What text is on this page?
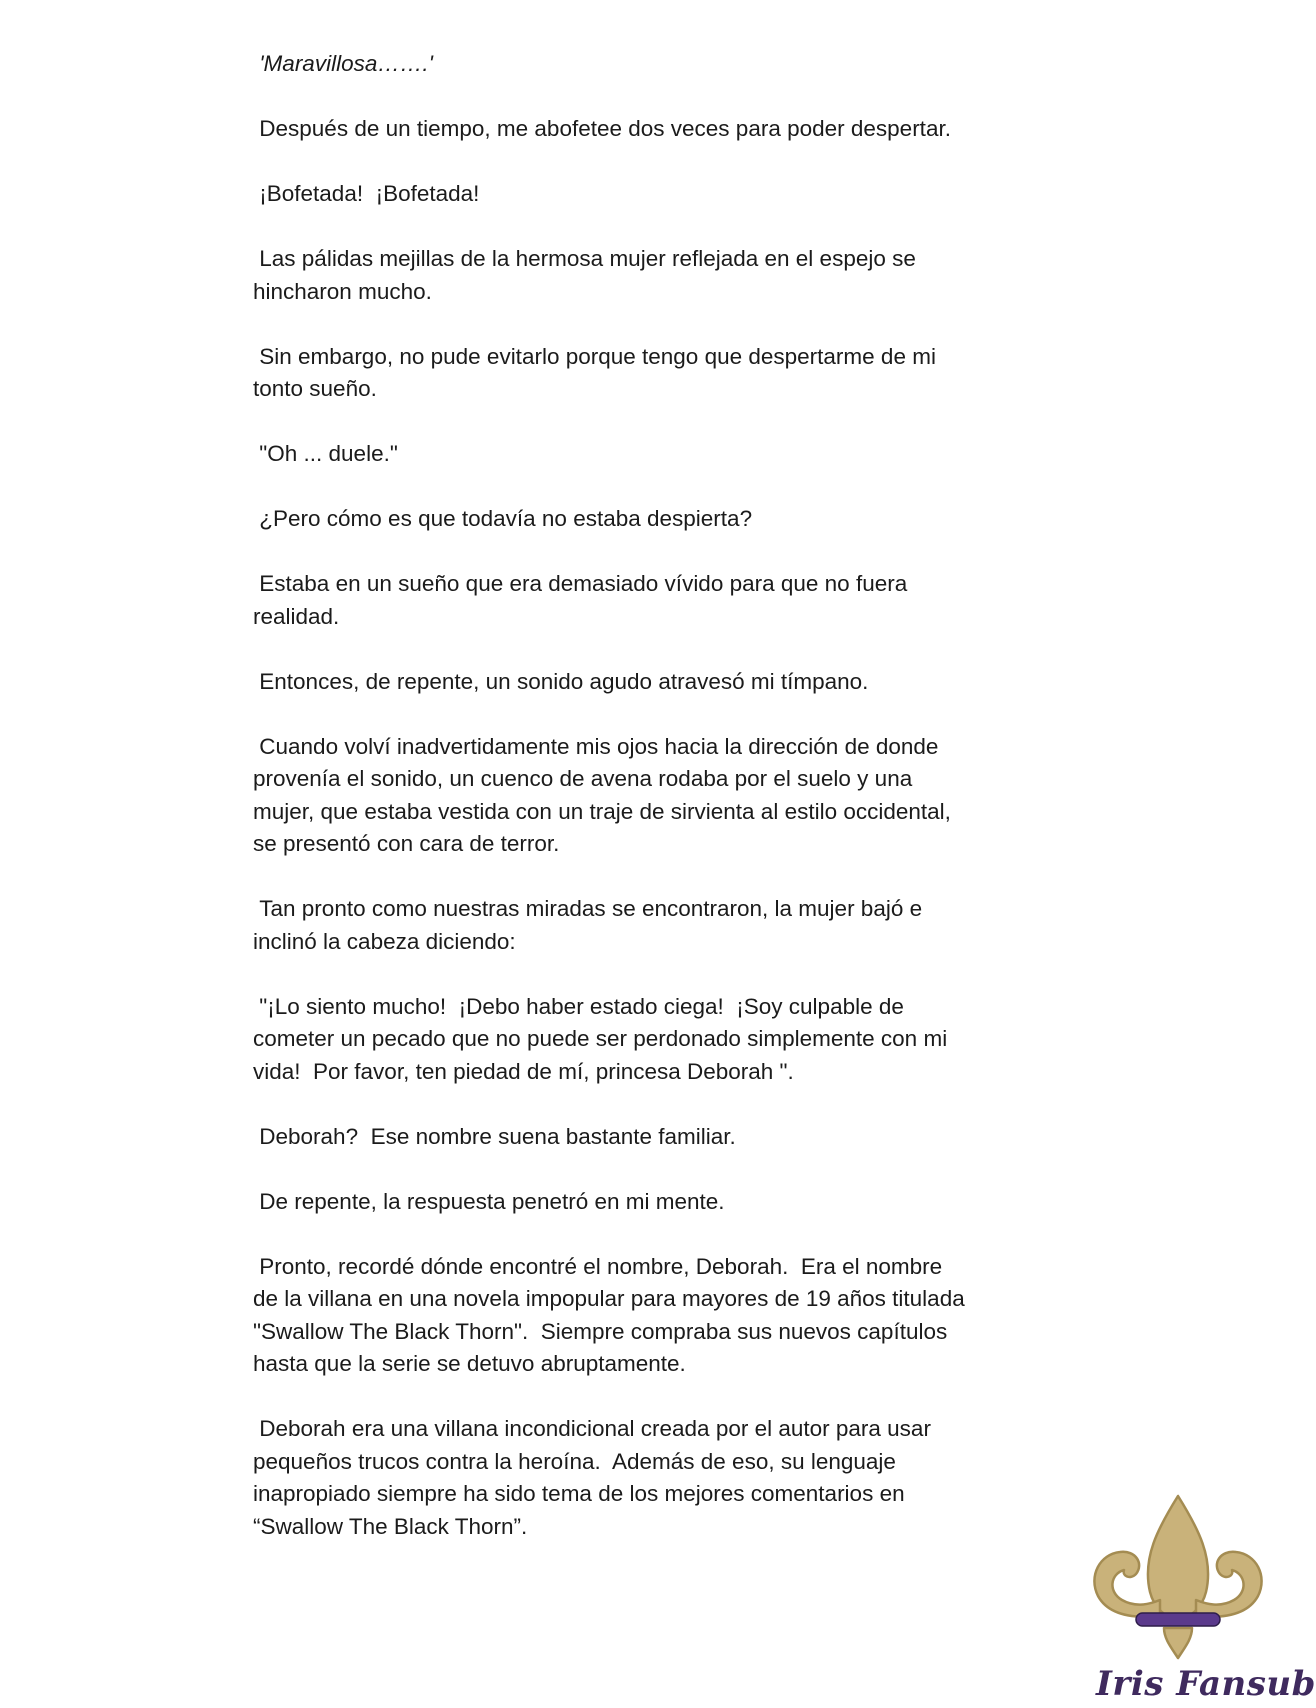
'Maravillosa…….'

Después de un tiempo, me abofetee dos veces para poder despertar.

¡Bofetada!  ¡Bofetada!

Las pálidas mejillas de la hermosa mujer reflejada en el espejo se
hincharon mucho.

Sin embargo, no pude evitarlo porque tengo que despertarme de mi
tonto sueño.

"Oh ... duele."

¿Pero cómo es que todavía no estaba despierta?

Estaba en un sueño que era demasiado vívido para que no fuera
realidad.

Entonces, de repente, un sonido agudo atravesó mi tímpano.

Cuando volví inadvertidamente mis ojos hacia la dirección de donde
provenía el sonido, un cuenco de avena rodaba por el suelo y una
mujer, que estaba vestida con un traje de sirvienta al estilo occidental,
se presentó con cara de terror.

Tan pronto como nuestras miradas se encontraron, la mujer bajó e
inclinó la cabeza diciendo:

"¡Lo siento mucho!  ¡Debo haber estado ciega!  ¡Soy culpable de
cometer un pecado que no puede ser perdonado simplemente con mi
vida!  Por favor, ten piedad de mí, princesa Deborah ".

Deborah?  Ese nombre suena bastante familiar.

De repente, la respuesta penetró en mi mente.

Pronto, recordé dónde encontré el nombre, Deborah.  Era el nombre
de la villana en una novela impopular para mayores de 19 años titulada
"Swallow The Black Thorn".  Siempre compraba sus nuevos capítulos
hasta que la serie se detuvo abruptamente.

Deborah era una villana incondicional creada por el autor para usar
pequeños trucos contra la heroína.  Además de eso, su lenguaje
inapropiado siempre ha sido tema de los mejores comentarios en
“Swallow The Black Thorn”.

Iris Fansub
